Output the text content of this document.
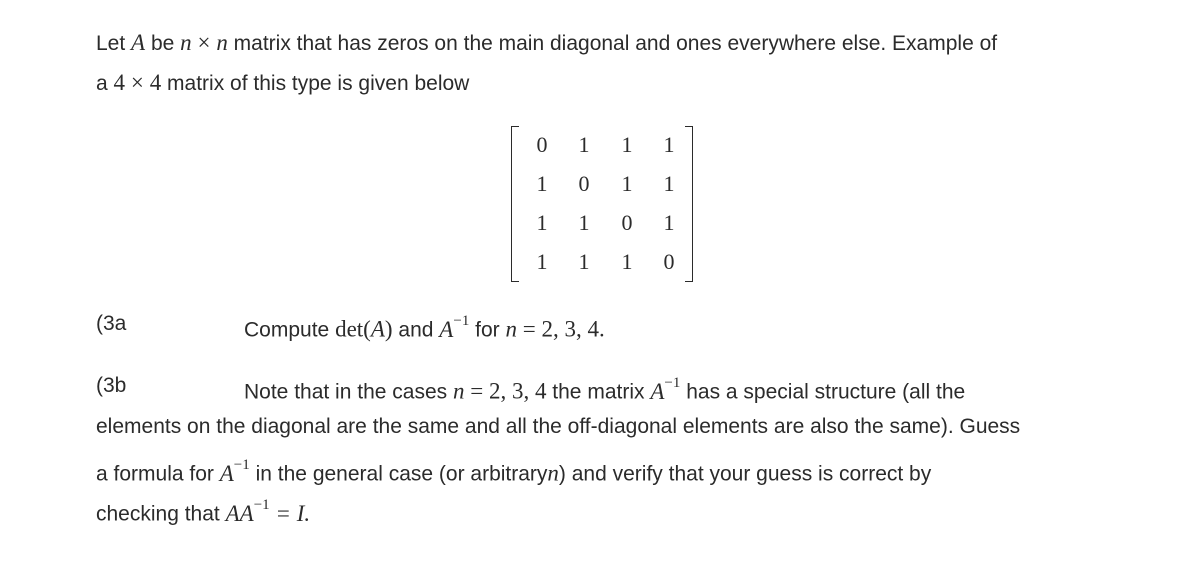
Let A be n × n matrix that has zeros on the main diagonal and ones everywhere else. Example of
a 4 × 4 matrix of this type is given below
0	1	1	1
1	0	1	1
1	1	0	1
1	1	1	0
(3a	Compute det(A) and $A^{-1}$ for n = 2, 3, 4.
(3b	Note that in the cases n = 2, 3, 4 the matrix $A^{-1}$ has a special structure (all the
elements on the diagonal are the same and all the off-diagonal elements are also the same). Guess
a formula for $A^{-1}$ in the general case (or arbitraryn) and verify that your guess is correct by
checking that $AA^{-1} = I$.
